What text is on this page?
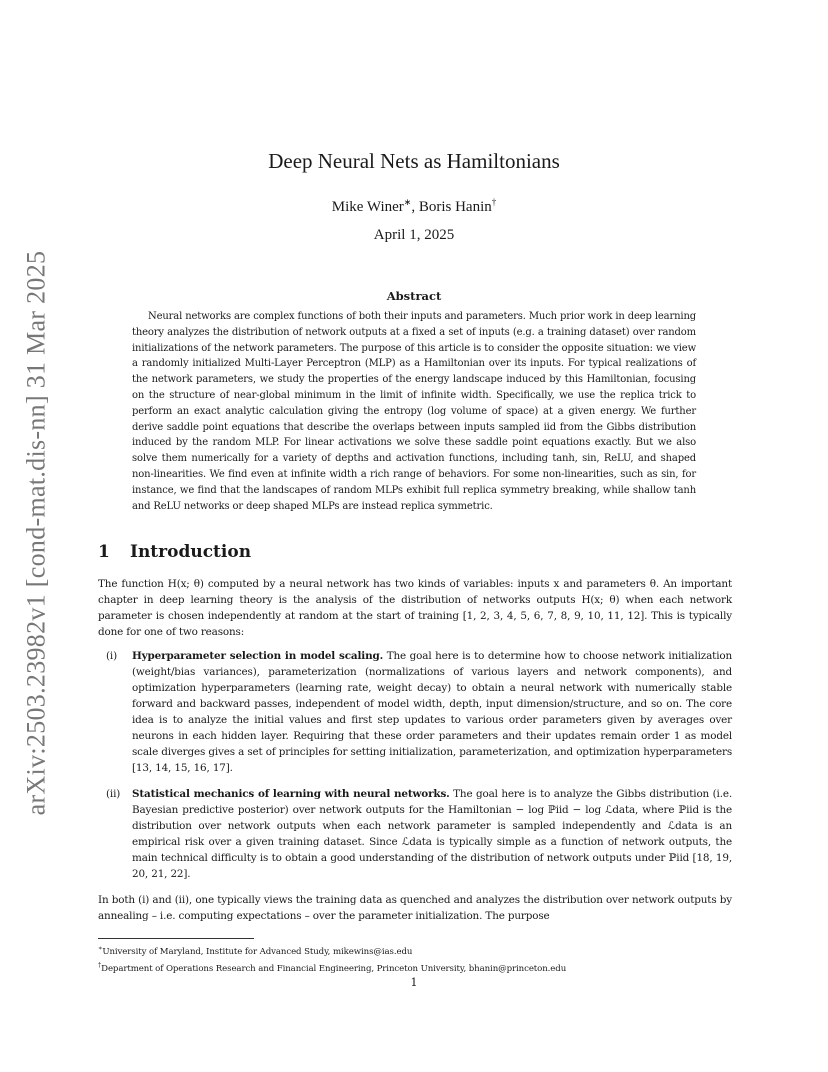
arXiv:2503.23982v1 [cond-mat.dis-nn] 31 Mar 2025
Deep Neural Nets as Hamiltonians
Mike Winer∗, Boris Hanin†
April 1, 2025
Abstract

Neural networks are complex functions of both their inputs and parameters. Much prior work in deep learning theory analyzes the distribution of network outputs at a fixed a set of inputs (e.g. a training dataset) over random initializations of the network parameters. The purpose of this article is to consider the opposite situation: we view a randomly initialized Multi-Layer Perceptron (MLP) as a Hamiltonian over its inputs. For typical realizations of the network parameters, we study the properties of the energy landscape induced by this Hamiltonian, focusing on the structure of near-global minimum in the limit of infinite width. Specifically, we use the replica trick to perform an exact analytic calculation giving the entropy (log volume of space) at a given energy. We further derive saddle point equations that describe the overlaps between inputs sampled iid from the Gibbs distribution induced by the random MLP. For linear activations we solve these saddle point equations exactly. But we also solve them numerically for a variety of depths and activation functions, including tanh, sin, ReLU, and shaped non-linearities. We find even at infinite width a rich range of behaviors. For some non-linearities, such as sin, for instance, we find that the landscapes of random MLPs exhibit full replica symmetry breaking, while shallow tanh and ReLU networks or deep shaped MLPs are instead replica symmetric.

1 Introduction

The function H(x; θ) computed by a neural network has two kinds of variables: inputs x and parameters θ. An important chapter in deep learning theory is the analysis of the distribution of networks outputs H(x; θ) when each network parameter is chosen independently at random at the start of training [1, 2, 3, 4, 5, 6, 7, 8, 9, 10, 11, 12]. This is typically done for one of two reasons:

(i) Hyperparameter selection in model scaling. The goal here is to determine how to choose network initialization (weight/bias variances), parameterization (normalizations of various layers and network components), and optimization hyperparameters (learning rate, weight decay) to obtain a neural network with numerically stable forward and backward passes, independent of model width, depth, input dimension/structure, and so on. The core idea is to analyze the initial values and first step updates to various order parameters given by averages over neurons in each hidden layer. Requiring that these order parameters and their updates remain order 1 as model scale diverges gives a set of principles for setting initialization, parameterization, and optimization hyperparameters [13, 14, 15, 16, 17].
(ii) Statistical mechanics of learning with neural networks. The goal here is to analyze the Gibbs distribution (i.e. Bayesian predictive posterior) over network outputs for the Hamiltonian − log ℙiid − log ℒdata, where ℙiid is the distribution over network outputs when each network parameter is sampled independently and ℒdata is an empirical risk over a given training dataset. Since ℒdata is typically simple as a function of network outputs, the main technical difficulty is to obtain a good understanding of the distribution of network outputs under ℙiid [18, 19, 20, 21, 22].

In both (i) and (ii), one typically views the training data as quenched and analyzes the distribution over network outputs by annealing – i.e. computing expectations – over the parameter initialization. The purpose

∗University of Maryland, Institute for Advanced Study, mikewins@ias.edu
†Department of Operations Research and Financial Engineering, Princeton University, bhanin@princeton.edu
1
